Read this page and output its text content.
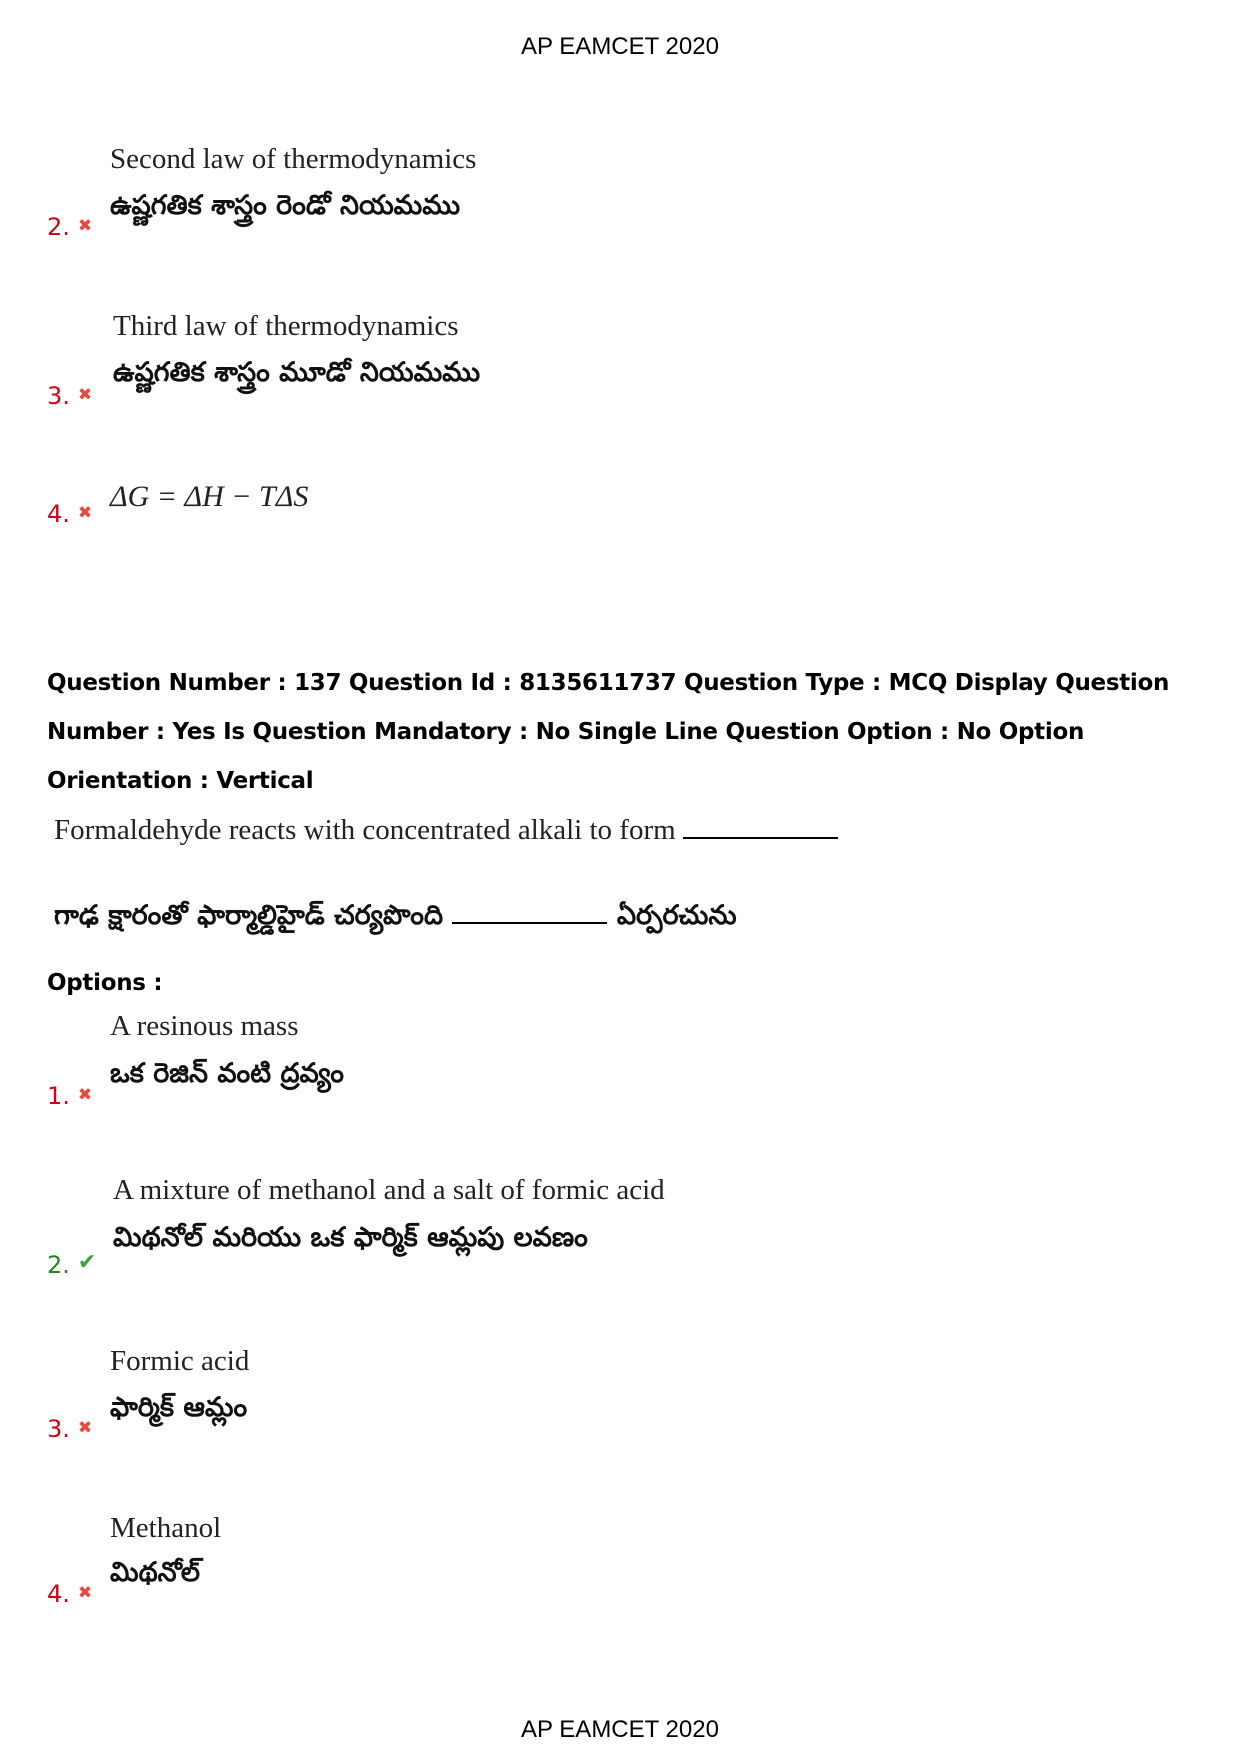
AP EAMCET 2020
Second law of thermodynamics
ఉష్ణగతిక శాస్త్రం రెండో నియమము
2. ✖
Third law of thermodynamics
ఉష్ణగతిక శాస్త్రం మూడో నియమము
3. ✖
ΔG = ΔH − TΔS
4. ✖
Question Number : 137 Question Id : 8135611737 Question Type : MCQ Display Question
Number : Yes Is Question Mandatory : No Single Line Question Option : No Option
Orientation : Vertical
Formaldehyde reacts with concentrated alkali to form
గాఢ క్షారంతో ఫార్మాల్డిహైడ్ చర్యపొంది	ఏర్పరచును
Options :
A resinous mass
ఒక రెజిన్ వంటి ద్రవ్యం
1. ✖
A mixture of methanol and a salt of formic acid
మిథనోల్ మరియు ఒక ఫార్మిక్ ఆమ్లపు లవణం
2. ✔
Formic acid
ఫార్మిక్ ఆమ్లం
3. ✖
Methanol
మిథనోల్
4. ✖
AP EAMCET 2020
